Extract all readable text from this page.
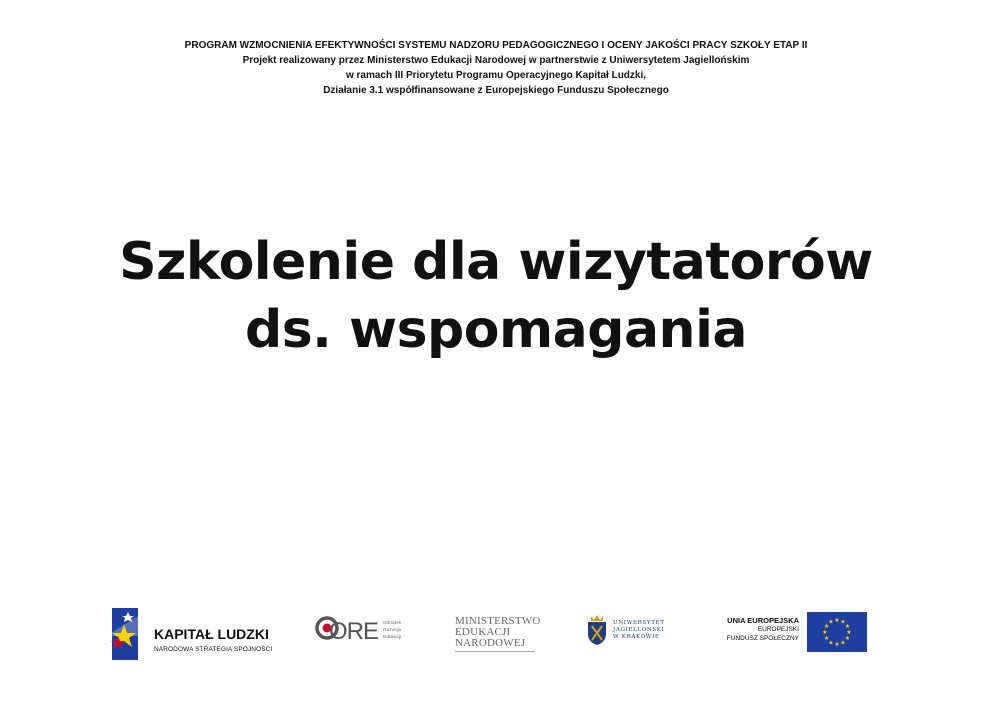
PROGRAM WZMOCNIENIA EFEKTYWNOŚCI SYSTEMU NADZORU PEDAGOGICZNEGO I OCENY JAKOŚCI PRACY SZKOŁY ETAP II
Projekt realizowany przez Ministerstwo Edukacji Narodowej w partnerstwie z Uniwersytetem Jagiellońskim
w ramach III Priorytetu Programu Operacyjnego Kapitał Ludzki,
Działanie 3.1 współfinansowane z Europejskiego Funduszu Społecznego
Szkolenie dla wizytatorów
ds. wspomagania
KAPITAŁ LUDZKI
NARODOWA STRATEGIA SPÓJNOŚCI
ORE Ośrodek
Rozwoju
Edukacji
MINISTERSTWO
EDUKACJI
NARODOWEJ
UNIWERSYTET
JAGIELLOŃSKI
W KRAKOWIE
UNIA EUROPEJSKA
EUROPEJSKI
FUNDUSZ SPOŁECZNY
★
★
★
★
★
★
★
★
★ ★ ★
★
